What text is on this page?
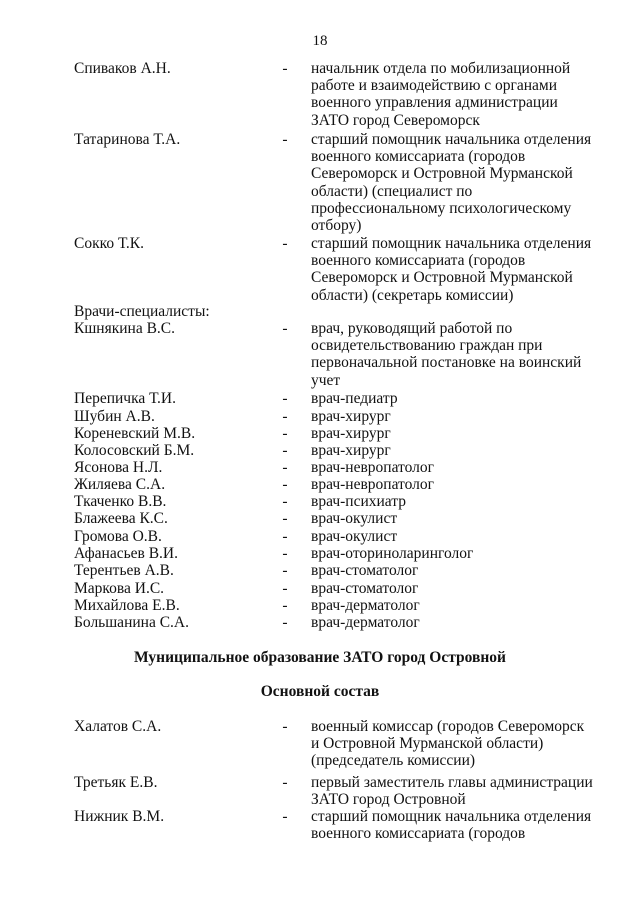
18
Спиваков А.Н.	- начальник отдела по мобилизационной
работе и взаимодействию с органами
военного управления администрации
ЗАТО город Североморск
Татаринова Т.А.	- старший помощник начальника отделения
военного комиссариата (городов
Североморск и Островной Мурманской
области) (специалист по
профессиональному психологическому
отбору)
Сокко Т.К.	- старший помощник начальника отделения
военного комиссариата (городов
Североморск и Островной Мурманской
области) (секретарь комиссии)
Кшнякина В.С.	- врач, руководящий работой по
освидетельствованию граждан при
первоначальной постановке на воинский
учет
Перепичка Т.И.	- врач-педиатр
Шубин А.В.	- врач-хирург
Кореневский М.В.	- врач-хирург
Колосовский Б.М.	- врач-хирург
Ясонова Н.Л.	- врач-невропатолог
Жиляева С.А.	- врач-невропатолог
Ткаченко В.В.	- врач-психиатр
Блажеева К.С.	- врач-окулист
Громова О.В.	- врач-окулист
Афанасьев В.И.	- врач-оториноларинголог
Терентьев А.В.	- врач-стоматолог
Маркова И.С.	- врач-стоматолог
Михайлова Е.В.	- врач-дерматолог
Большанина С.А.	- врач-дерматолог
Халатов С.А.	- военный комиссар (городов Североморск
и Островной Мурманской области)
(председатель комиссии)
Третьяк Е.В.	- первый заместитель главы администрации
ЗАТО город Островной
Нижник В.М.	- старший помощник начальника отделения
военного комиссариата (городов
Врачи-специалисты:
Муниципальное образование ЗАТО город Островной
Основной состав
